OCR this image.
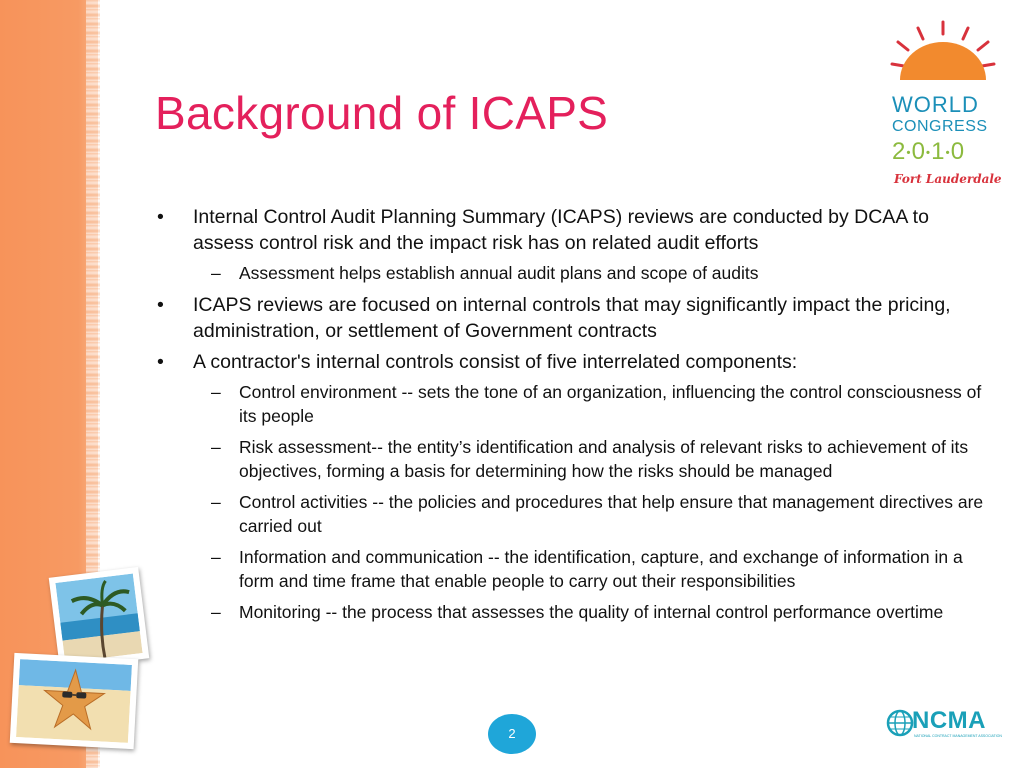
Background of ICAPS	WORLD
CONGRESS
2•0•1•0
Fort Lauderdale
• Internal Control Audit Planning Summary (ICAPS) reviews are conducted by DCAA to assess control risk and the impact risk has on related audit efforts
– Assessment helps establish annual audit plans and scope of audits
• ICAPS reviews are focused on internal controls that may significantly impact the pricing, administration, or settlement of Government contracts
• A contractor's internal controls consist of five interrelated components:
– Control environment -- sets the tone of an organization, influencing the control consciousness of its people
– Risk assessment-- the entity’s identification and analysis of relevant risks to achievement of its objectives, forming a basis for determining how the risks should be managed
– Control activities -- the policies and procedures that help ensure that management directives are carried out
– Information and communication -- the identification, capture, and exchange of information in a form and time frame that enable people to carry out their responsibilities
– Monitoring -- the process that assesses the quality of internal control performance overtime
2	NCMA
NATIONAL CONTRACT MANAGEMENT ASSOCIATION
